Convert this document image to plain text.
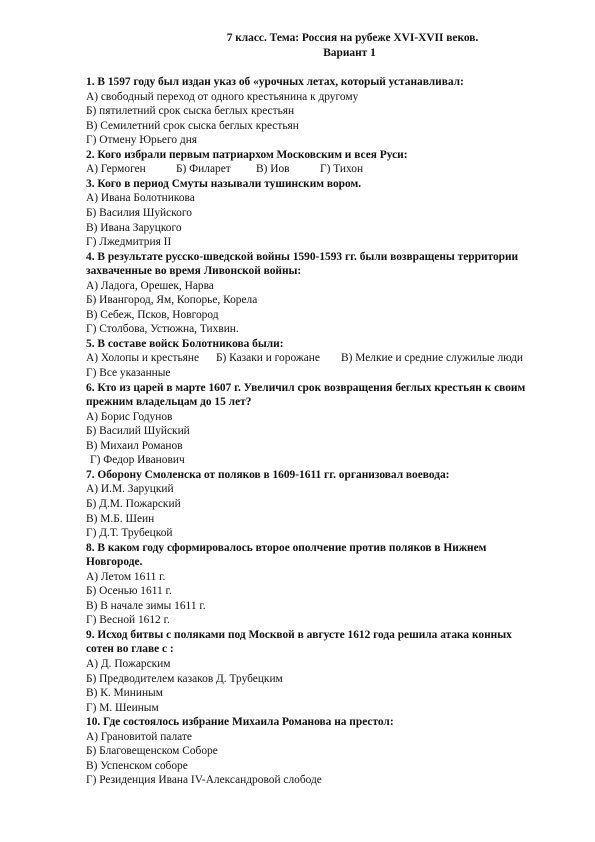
7 класс. Тема: Россия на рубеже XVI-XVII веков.
Вариант 1
1. В 1597 году был издан указ об «урочных летах, который устанавливал:
А) свободный переход от одного крестьянина к другому
Б) пятилетний срок сыска беглых крестьян
В) Семилетний срок сыска беглых крестьян
Г) Отмену Юрьего дня
2. Кого избрали первым патриархом Московским и всея Руси:
А) Гермоген	Б) Филарет В) Иов	Г) Тихон
3. Кого в период Смуты называли тушинским вором.
А) Ивана Болотникова
Б) Василия Шуйского
В) Ивана Заруцкого
Г) Лжедмитрия II
4. В результате русско-шведской войны 1590-1593 гг. были возвращены территории
захваченные во время Ливонской войны:
А) Ладога, Орешек, Нарва
Б) Ивангород, Ям, Копорье, Корела
В) Себеж, Псков, Новгород
Г) Столбова, Устюжна, Тихвин.
5. В составе войск Болотникова были:
А) Холопы и крестьяне Б) Казаки и горожане В) Мелкие и средние служилые люди
Г) Все указанные
6. Кто из царей в марте 1607 г. Увеличил срок возвращения беглых крестьян к своим
прежним владельцам до 15 лет?
А) Борис Годунов
Б) Василий Шуйский
В) Михаил Романов
Г) Федор Иванович
7. Оборону Смоленска от поляков в 1609-1611 гг. организовал воевода:
А) И.М. Заруцкий
Б) Д.М. Пожарский
В) М.Б. Шеин
Г) Д.Т. Трубецкой
8. В каком году сформировалось второе ополчение против поляков в Нижнем
Новгороде.
А) Летом 1611 г.
Б) Осенью 1611 г.
В) В начале зимы 1611 г.
Г) Весной 1612 г.
9. Исход битвы с поляками под Москвой в августе 1612 года решила атака конных
сотен во главе с :
А) Д. Пожарским
Б) Предводителем казаков Д. Трубецким
В) К. Мининым
Г) М. Шеиным
10. Где состоялось избрание Михаила Романова на престол:
А) Грановитой палате
Б) Благовещенском Соборе
В) Успенском соборе
Г) Резиденция Ивана IV-Александровой слободе
